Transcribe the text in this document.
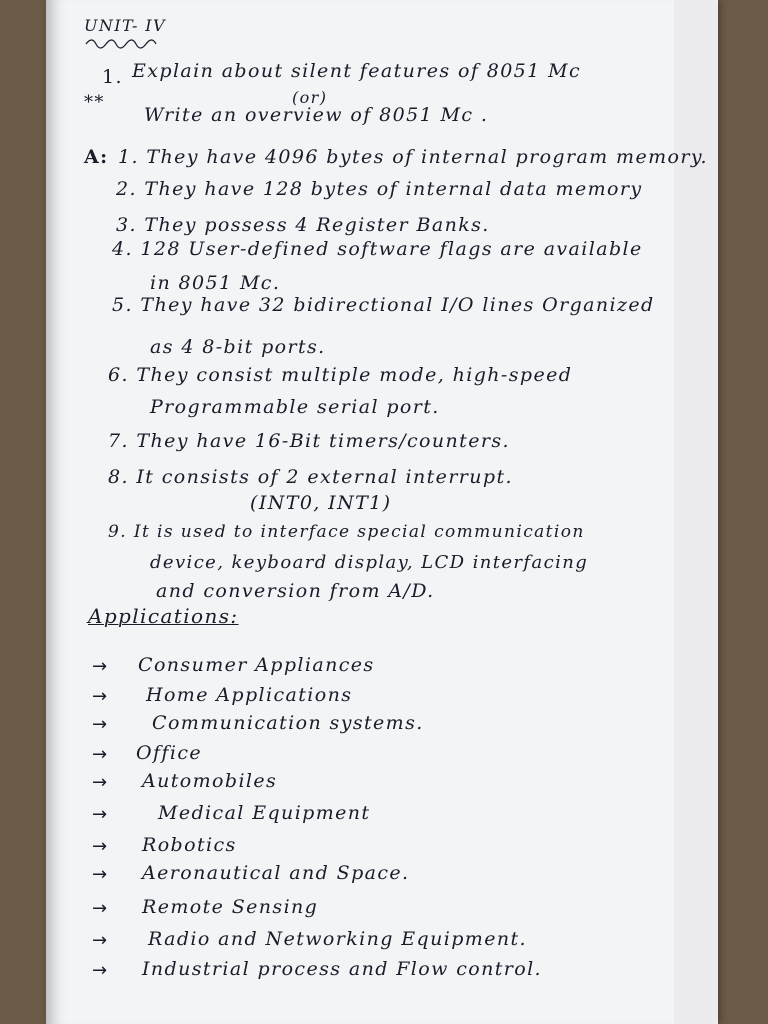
UNIT- IV
1. Explain about silent features of 8051 Mc
**	(or)
Write an overview of 8051 Mc .
A: 1. They have 4096 bytes of internal program memory.
2. They have 128 bytes of internal data memory
3. They possess 4 Register Banks.
4. 128 User-defined software flags are available
in 8051 Mc.
5. They have 32 bidirectional I/O lines Organized
as 4 8-bit ports.
6. They consist multiple mode, high-speed
Programmable serial port.
7. They have 16-Bit timers/counters.
8. It consists of 2 external interrupt.
(INT0, INT1)
9. It is used to interface special communication
device, keyboard display, LCD interfacing
and conversion from A/D.
Applications:
→ Consumer Appliances
→ Home Applications
→ Communication systems.
→ Office
→ Automobiles
→	Medical Equipment
→ Robotics
→ Aeronautical and Space.
→ Remote Sensing
→ Radio and Networking Equipment.
→ Industrial process and Flow control.
